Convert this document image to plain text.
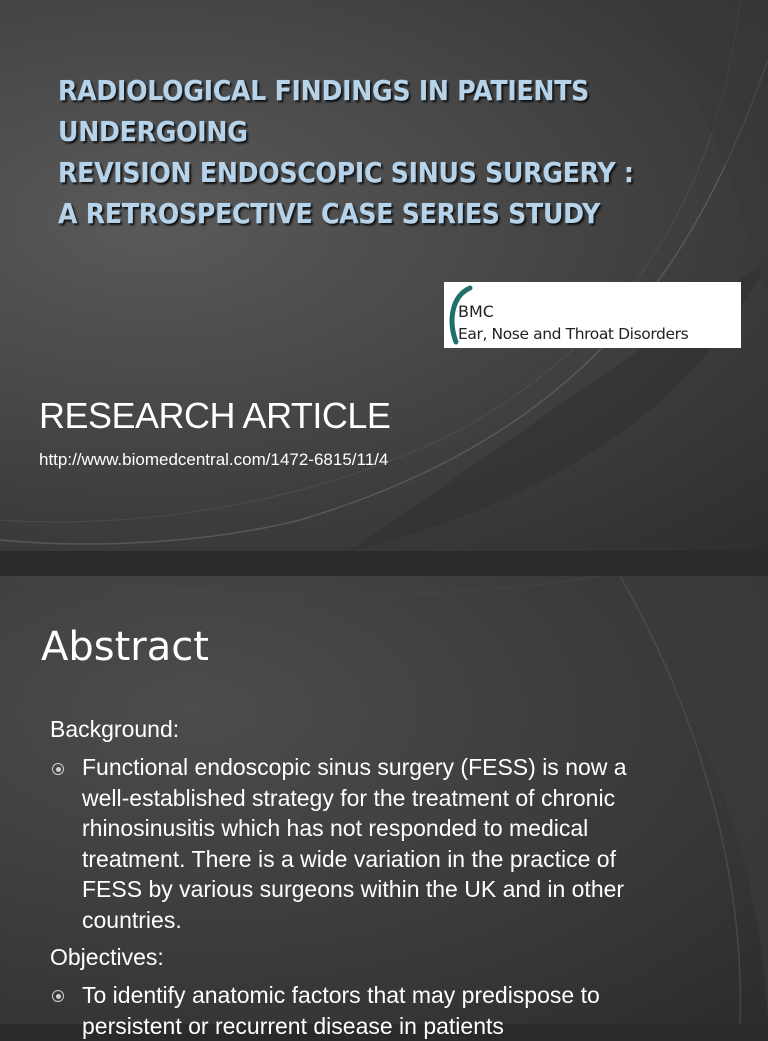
RADIOLOGICAL FINDINGS IN PATIENTS
UNDERGOING
REVISION ENDOSCOPIC SINUS SURGERY :
A RETROSPECTIVE CASE SERIES STUDY
BMC
Ear, Nose and Throat Disorders
RESEARCH ARTICLE

http://www.biomedcentral.com/1472-6815/11/4

Abstract

Background:

Functional endoscopic sinus surgery (FESS) is now a well-established strategy for the treatment of chronic rhinosinusitis which has not responded to medical treatment. There is a wide variation in the practice of FESS by various surgeons within the UK and in other countries.

Objectives:

To identify anatomic factors that may predispose to persistent or recurrent disease in patients
